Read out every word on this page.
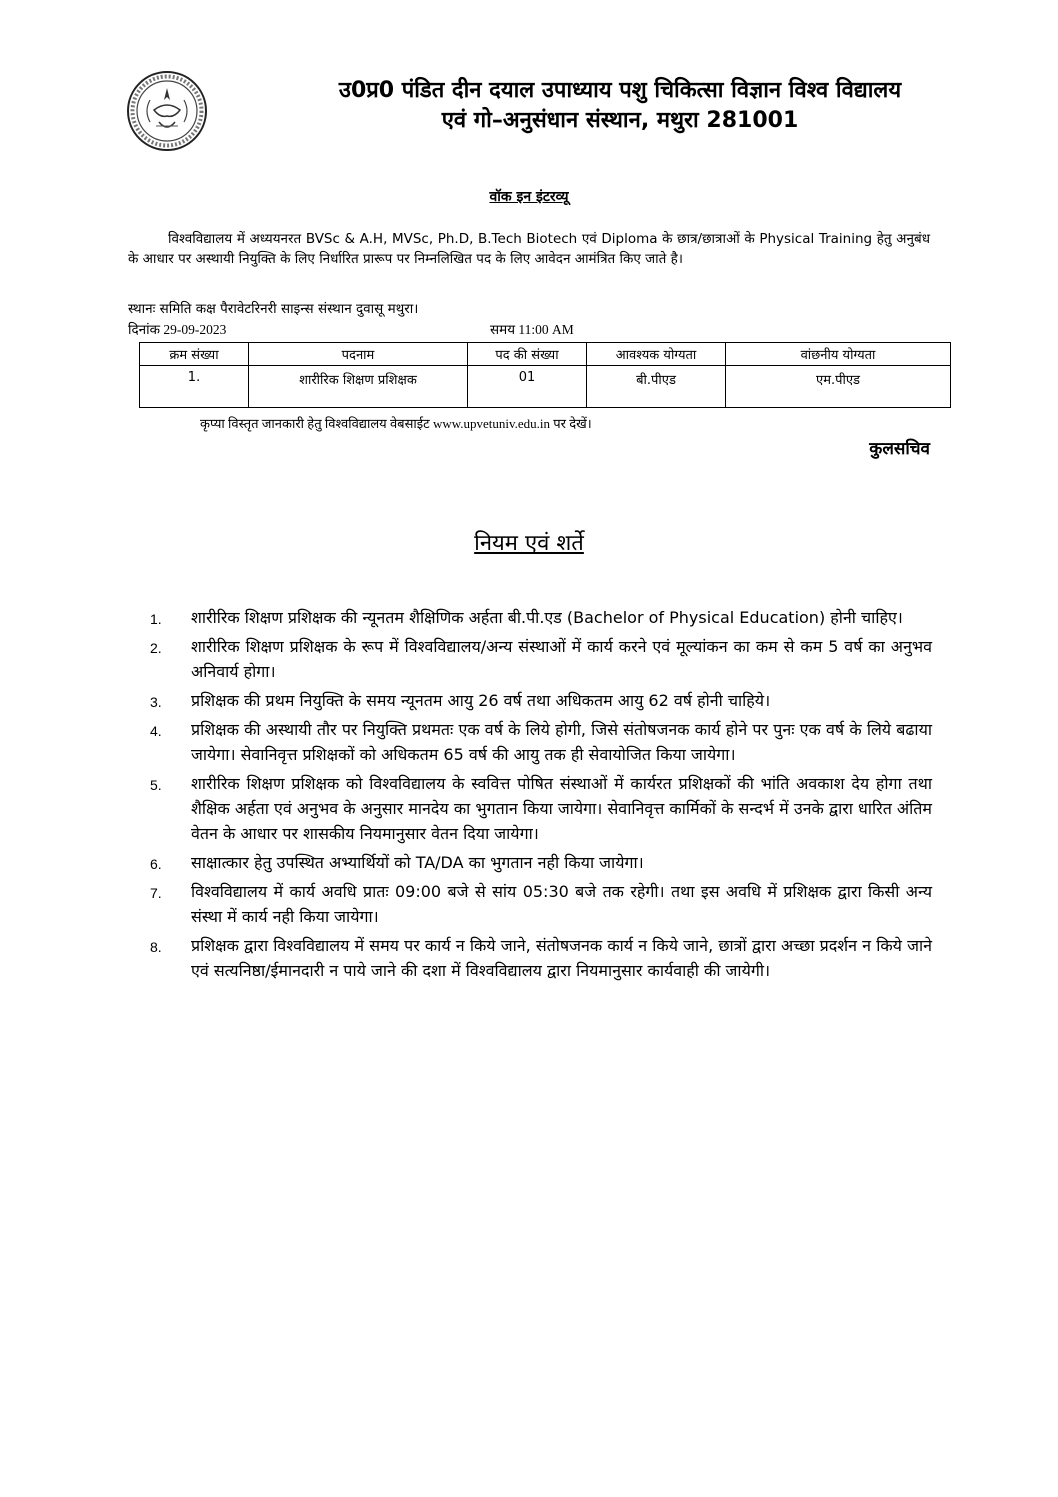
उ0प्र0 पंडित दीन दयाल उपाध्याय पशु चिकित्सा विज्ञान विश्व विद्यालय
एवं गो–अनुसंधान संस्थान, मथुरा 281001
वॉक इन इंटरव्यू
विश्वविद्यालय में अध्ययनरत BVSc & A.H, MVSc, Ph.D, B.Tech Biotech एवं Diploma के छात्र/छात्राओं के Physical Training हेतु अनुबंध के आधार पर अस्थायी नियुक्ति के लिए निर्धारित प्रारूप पर निम्नलिखित पद के लिए आवेदन आमंत्रित किए जाते है।
स्थानः समिति कक्ष पैरावेटरिनरी साइन्स संस्थान दुवासू मथुरा।
दिनांक 29-09-2023	समय 11:00 AM
क्रम संख्या	पदनाम	पद की संख्या	आवश्यक योग्यता	वांछनीय योग्यता
1.	शारीरिक शिक्षण प्रशिक्षक	01	बी.पीएड	एम.पीएड
कृप्या विस्तृत जानकारी हेतु विश्वविद्यालय वेबसाईट www.upvetuniv.edu.in पर देखें।
कुलसचिव
नियम एवं शर्ते
1.	शारीरिक शिक्षण प्रशिक्षक की न्यूनतम शैक्षिणिक अर्हता बी.पी.एड (Bachelor of Physical Education) होनी चाहिए।
2.	शारीरिक शिक्षण प्रशिक्षक के रूप में विश्वविद्यालय/अन्य संस्थाओं में कार्य करने एवं मूल्यांकन का कम से कम 5 वर्ष का अनुभव अनिवार्य होगा।
3.	प्रशिक्षक की प्रथम नियुक्ति के समय न्यूनतम आयु 26 वर्ष तथा अधिकतम आयु 62 वर्ष होनी चाहिये।
4.	प्रशिक्षक की अस्थायी तौर पर नियुक्ति प्रथमतः एक वर्ष के लिये होगी, जिसे संतोषजनक कार्य होने पर पुनः एक वर्ष के लिये बढाया जायेगा। सेवानिवृत्त प्रशिक्षकों को अधिकतम 65 वर्ष की आयु तक ही सेवायोजित किया जायेगा।
5.	शारीरिक शिक्षण प्रशिक्षक को विश्वविद्यालय के स्ववित्त पोषित संस्थाओं में कार्यरत प्रशिक्षकों की भांति अवकाश देय होगा तथा शैक्षिक अर्हता एवं अनुभव के अनुसार मानदेय का भुगतान किया जायेगा। सेवानिवृत्त कार्मिकों के सन्दर्भ में उनके द्वारा धारित अंतिम वेतन के आधार पर शासकीय नियमानुसार वेतन दिया जायेगा।
6.	साक्षात्कार हेतु उपस्थित अभ्यार्थियों को TA/DA का भुगतान नही किया जायेगा।
7.	विश्वविद्यालय में कार्य अवधि प्रातः 09:00 बजे से सांय 05:30 बजे तक रहेगी। तथा इस अवधि में प्रशिक्षक द्वारा किसी अन्य संस्था में कार्य नही किया जायेगा।
8.	प्रशिक्षक द्वारा विश्वविद्यालय में समय पर कार्य न किये जाने, संतोषजनक कार्य न किये जाने, छात्रों द्वारा अच्छा प्रदर्शन न किये जाने एवं सत्यनिष्ठा/ईमानदारी न पाये जाने की दशा में विश्वविद्यालय द्वारा नियमानुसार कार्यवाही की जायेगी।
